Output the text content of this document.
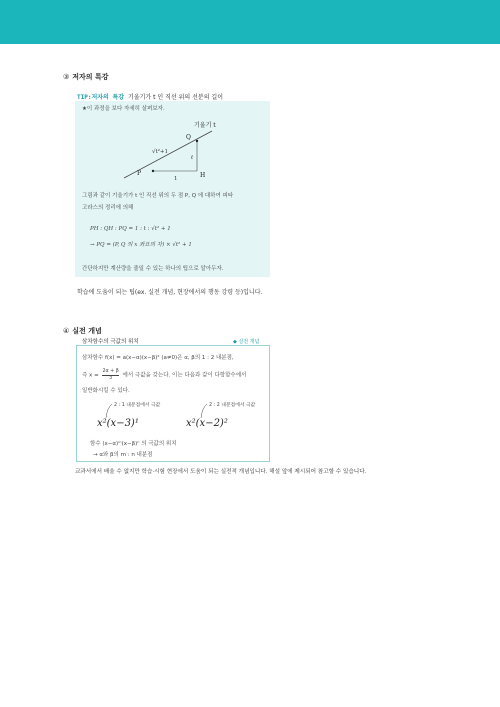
③ 저자의 특강
TIP:저자의 특강 기울기가 t 인 직선 위의 선분의 길이
★이 과정을 보다 자세히 살펴보자.
기울기 t
√t²+1
t
1
P
Q
H
그림과 같이 기울기가 t 인 직선 위의 두 점 P, Q 에 대하여 피타
고라스의 정리에 의해
PH : QH : PQ = 1 : t : √t² + 1
→ PQ = (P, Q 의 x 좌표의 차) × √t² + 1
간단하지만 계산량을 줄일 수 있는 하나의 팁으로 알아두자.
학습에 도움이 되는 팁(ex. 실전 개념, 현장에서의 행동 강령 등)입니다.
④ 실전 개념
삼차함수의 극값의 위치	◆ 실전 개념
삼차함수 f(x) = a(x−α)(x−β)² (a≠0)은 α, β의 1 : 2 내분점,
즉 $x = \frac{2\alpha + \beta}{3}$ 에서 극값을 갖는다. 이는 다음과 같이 다항함수에서
일반화시킬 수 있다.
2 : 1 내분점에서 극값	2 : 2 내분점에서 극값
x²(x−3)¹	x²(x−2)²
함수 (x−α)ᵐ(x−β)ⁿ 의 극값의 위치
→ α와 β의 m : n 내분점
교과서에서 배울 수 없지만 학습·시험 현장에서 도움이 되는 실전적 개념입니다. 해설 앞에 제시되어 참고할 수 있습니다.
